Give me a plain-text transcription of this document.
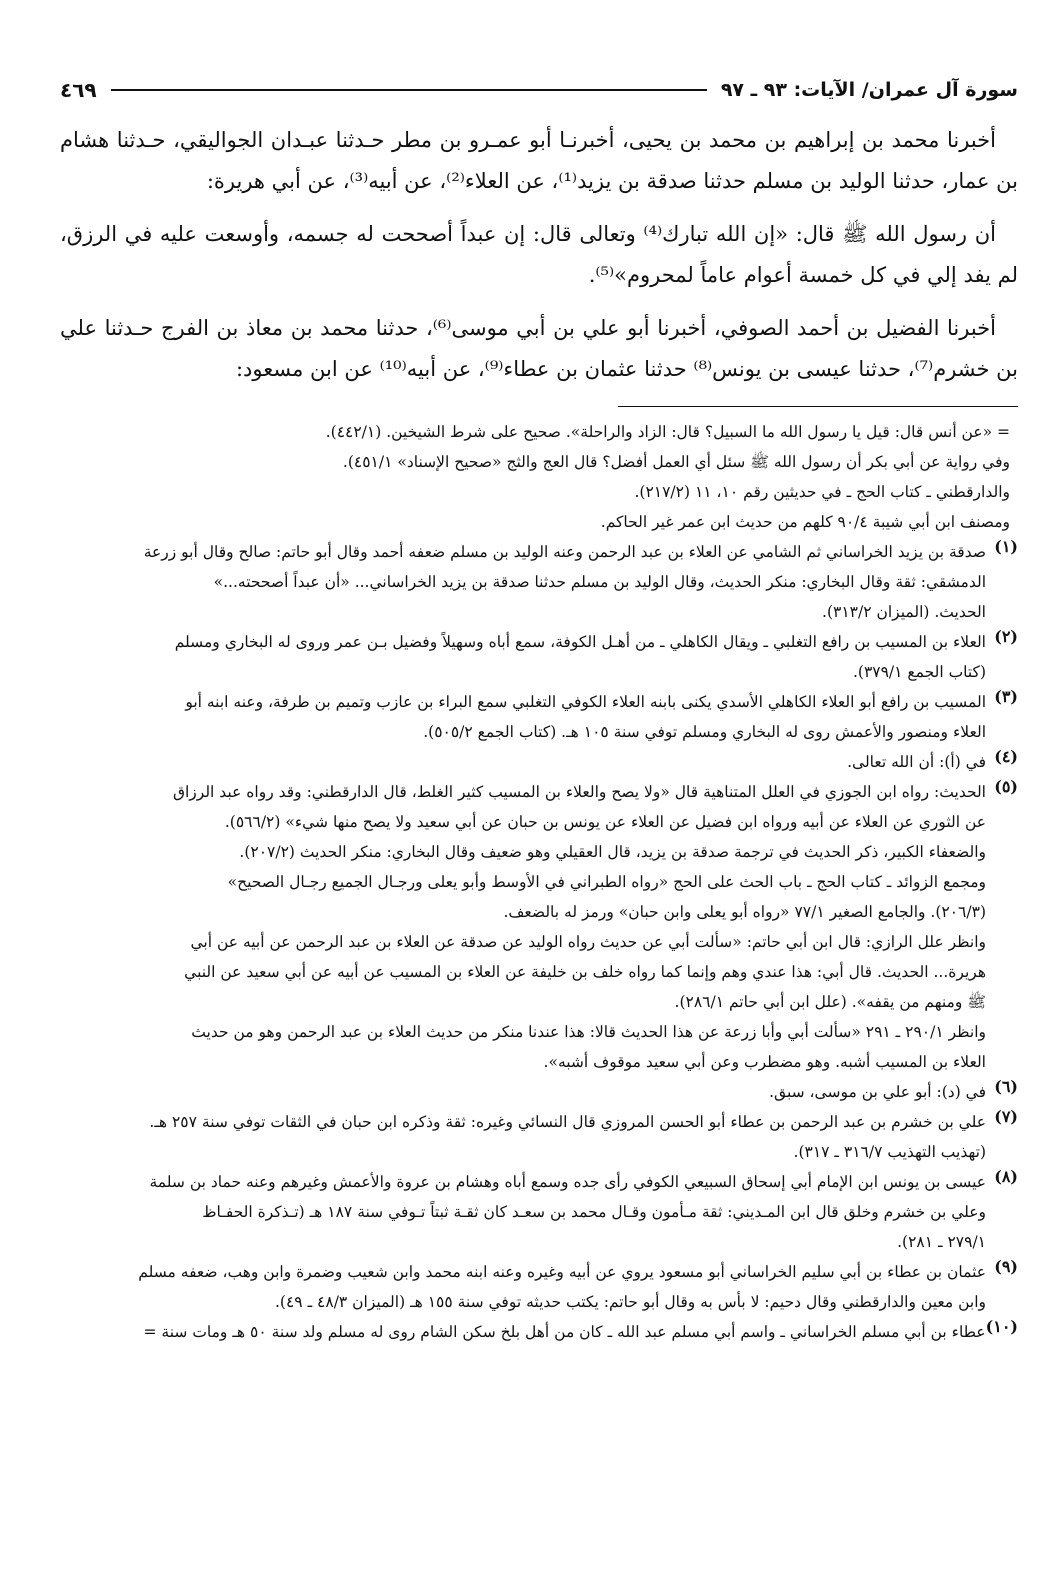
سورة آل عمران/ الآيات: ٩٣ ـ ٩٧
٤٦٩

أخبرنا محمد بن إبراهيم بن محمد بن يحيى، أخبرنـا أبو عمـرو بن مطر حـدثنا عبـدان الجواليقي، حـدثنا هشام بن عمار، حدثنا الوليد بن مسلم حدثنا صدقة بن يزيد⁽¹⁾، عن العلاء⁽²⁾، عن أبيه⁽³⁾، عن أبي هريرة:

أن رسول الله ﷺ قال: «إن الله تبارك⁽⁴⁾ وتعالى قال: إن عبداً أصححت له جسمه، وأوسعت عليه في الرزق، لم يفد إلي في كل خمسة أعوام عاماً لمحروم»⁽⁵⁾.

أخبرنا الفضيل بن أحمد الصوفي، أخبرنا أبو علي بن أبي موسى⁽⁶⁾، حدثنا محمد بن معاذ بن الفرج حـدثنا علي بن خشرم⁽⁷⁾، حدثنا عيسى بن يونس⁽⁸⁾ حدثنا عثمان بن عطاء⁽⁹⁾، عن أبيه⁽¹⁰⁾ عن ابن مسعود:

= «عن أنس قال: قيل يا رسول الله ما السبيل؟ قال: الزاد والراحلة». صحيح على شرط الشيخين. (٤٤٢/١).

وفي رواية عن أبي بكر أن رسول الله ﷺ سئل أي العمل أفضل؟ قال العج والثج «صحيح الإسناد» ٤٥١/١).

والدارقطني ـ كتاب الحج ـ في حديثين رقم ١٠، ١١ (٢١٧/٢).

ومصنف ابن أبي شيبة ٩٠/٤ كلهم من حديث ابن عمر غير الحاكم.

(١)

صدقة بن يزيد الخراساني ثم الشامي عن العلاء بن عبد الرحمن وعنه الوليد بن مسلم ضعفه أحمد وقال أبو حاتم: صالح وقال أبو زرعة
الدمشقي: ثقة وقال البخاري: منكر الحديث، وقال الوليد بن مسلم حدثنا صدقة بن يزيد الخراساني... «أن عبداً أصححته...»
الحديث. (الميزان ٣١٣/٢).

(٢)

العلاء بن المسيب بن رافع التغلبي ـ ويقال الكاهلي ـ من أهـل الكوفة، سمع أباه وسهيلاً وفضيل بـن عمر وروى له البخاري ومسلم
(كتاب الجمع ٣٧٩/١).

(٣)

المسيب بن رافع أبو العلاء الكاهلي الأسدي يكنى بابنه العلاء الكوفي التغلبي سمع البراء بن عازب وتميم بن طرفة، وعنه ابنه أبو
العلاء ومنصور والأعمش روى له البخاري ومسلم توفي سنة ١٠٥ هـ. (كتاب الجمع ٥٠٥/٢).

(٤)

في (أ): أن الله تعالى.

(٥)

الحديث: رواه ابن الجوزي في العلل المتناهية قال «ولا يصح والعلاء بن المسيب كثير الغلط، قال الدارقطني: وقد رواه عبد الرزاق
عن الثوري عن العلاء عن أبيه ورواه ابن فضيل عن العلاء عن يونس بن حبان عن أبي سعيد ولا يصح منها شيء» (٥٦٦/٢).
والضعفاء الكبير، ذكر الحديث في ترجمة صدقة بن يزيد، قال العقيلي وهو ضعيف وقال البخاري: منكر الحديث (٢٠٧/٢).
ومجمع الزوائد ـ كتاب الحج ـ باب الحث على الحج «رواه الطبراني في الأوسط وأبو يعلى ورجـال الجميع رجـال الصحيح»
(٢٠٦/٣). والجامع الصغير ٧٧/١ «رواه أبو يعلى وابن حبان» ورمز له بالضعف.
وانظر علل الرازي: قال ابن أبي حاتم: «سألت أبي عن حديث رواه الوليد عن صدقة عن العلاء بن عبد الرحمن عن أبيه عن أبي
هريرة... الحديث. قال أبي: هذا عندي وهم وإنما كما رواه خلف بن خليفة عن العلاء بن المسيب عن أبيه عن أبي سعيد عن النبي
ﷺ ومنهم من يقفه». (علل ابن أبي حاتم ٢٨٦/١).
وانظر ٢٩٠/١ ـ ٢٩١ «سألت أبي وأبا زرعة عن هذا الحديث قالا: هذا عندنا منكر من حديث العلاء بن عبد الرحمن وهو من حديث
العلاء بن المسيب أشبه. وهو مضطرب وعن أبي سعيد موقوف أشبه».

(٦)

في (د): أبو علي بن موسى، سبق.

(٧)

علي بن خشرم بن عبد الرحمن بن عطاء أبو الحسن المروزي قال النسائي وغيره: ثقة وذكره ابن حبان في الثقات توفي سنة ٢٥٧ هـ.
(تهذيب التهذيب ٣١٦/٧ ـ ٣١٧).

(٨)

عيسى بن يونس ابن الإمام أبي إسحاق السبيعي الكوفي رأى جده وسمع أباه وهشام بن عروة والأعمش وغيرهم وعنه حماد بن سلمة
وعلي بن خشرم وخلق قال ابن المـديني: ثقة مـأمون وقـال محمد بن سعـد كان ثقـة ثبتاً تـوفي سنة ١٨٧ هـ (تـذكرة الحفـاظ
٢٧٩/١ ـ ٢٨١).

(٩)

عثمان بن عطاء بن أبي سليم الخراساني أبو مسعود يروي عن أبيه وغيره وعنه ابنه محمد وابن شعيب وضمرة وابن وهب، ضعفه مسلم
وابن معين والدارقطني وقال دحيم: لا بأس به وقال أبو حاتم: يكتب حديثه توفي سنة ١٥٥ هـ (الميزان ٤٨/٣ ـ ٤٩).

(١٠)

عطاء بن أبي مسلم الخراساني ـ واسم أبي مسلم عبد الله ـ كان من أهل بلخ سكن الشام روى له مسلم ولد سنة ٥٠ هـ ومات سنة =
